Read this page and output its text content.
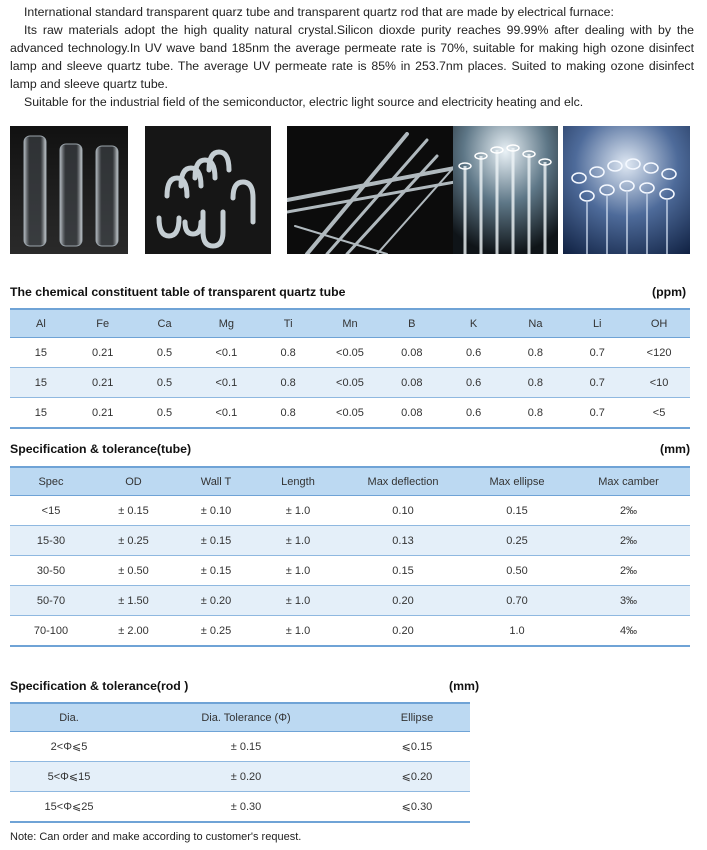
International standard transparent quarz tube and transparent quartz rod that are made by electrical furnace:

Its raw materials adopt the high quality natural crystal.Silicon dioxde purity reaches 99.99% after dealing with by the advanced technology.In UV wave band 185nm the average permeate rate is 70%, suitable for making high ozone disinfect lamp and sleeve quartz tube. The average UV permeate rate is 85% in 253.7nm places. Suited to making ozone disinfect lamp and sleeve quartz tube.

Suitable for the industrial field of the semiconductor, electric light source and electricity heating and elc.

The chemical constituent table of transparent quartz tube	(ppm)
Al	Fe	Ca	Mg	Ti	Mn	B	K	Na	Li	OH
15	0.21	0.5	<0.1	0.8	<0.05	0.08	0.6	0.8	0.7	<120
15	0.21	0.5	<0.1	0.8	<0.05	0.08	0.6	0.8	0.7	<10
15	0.21	0.5	<0.1	0.8	<0.05	0.08	0.6	0.8	0.7	<5
Specification & tolerance(tube)	(mm)
Spec	OD	Wall T	Length	Max deflection	Max ellipse	Max camber
<15	± 0.15	± 0.10	± 1.0	0.10	0.15	2‰
15-30	± 0.25	± 0.15	± 1.0	0.13	0.25	2‰
30-50	± 0.50	± 0.15	± 1.0	0.15	0.50	2‰
50-70	± 1.50	± 0.20	± 1.0	0.20	0.70	3‰
70-100	± 2.00	± 0.25	± 1.0	0.20	1.0	4‰
Specification & tolerance(rod )	(mm)
Dia.	Dia. Tolerance (Φ)	Ellipse
2<Φ⩽5	± 0.15	⩽0.15
5<Φ⩽15	± 0.20	⩽0.20
15<Φ⩽25	± 0.30	⩽0.30
Note: Can order and make according to customer's request.
